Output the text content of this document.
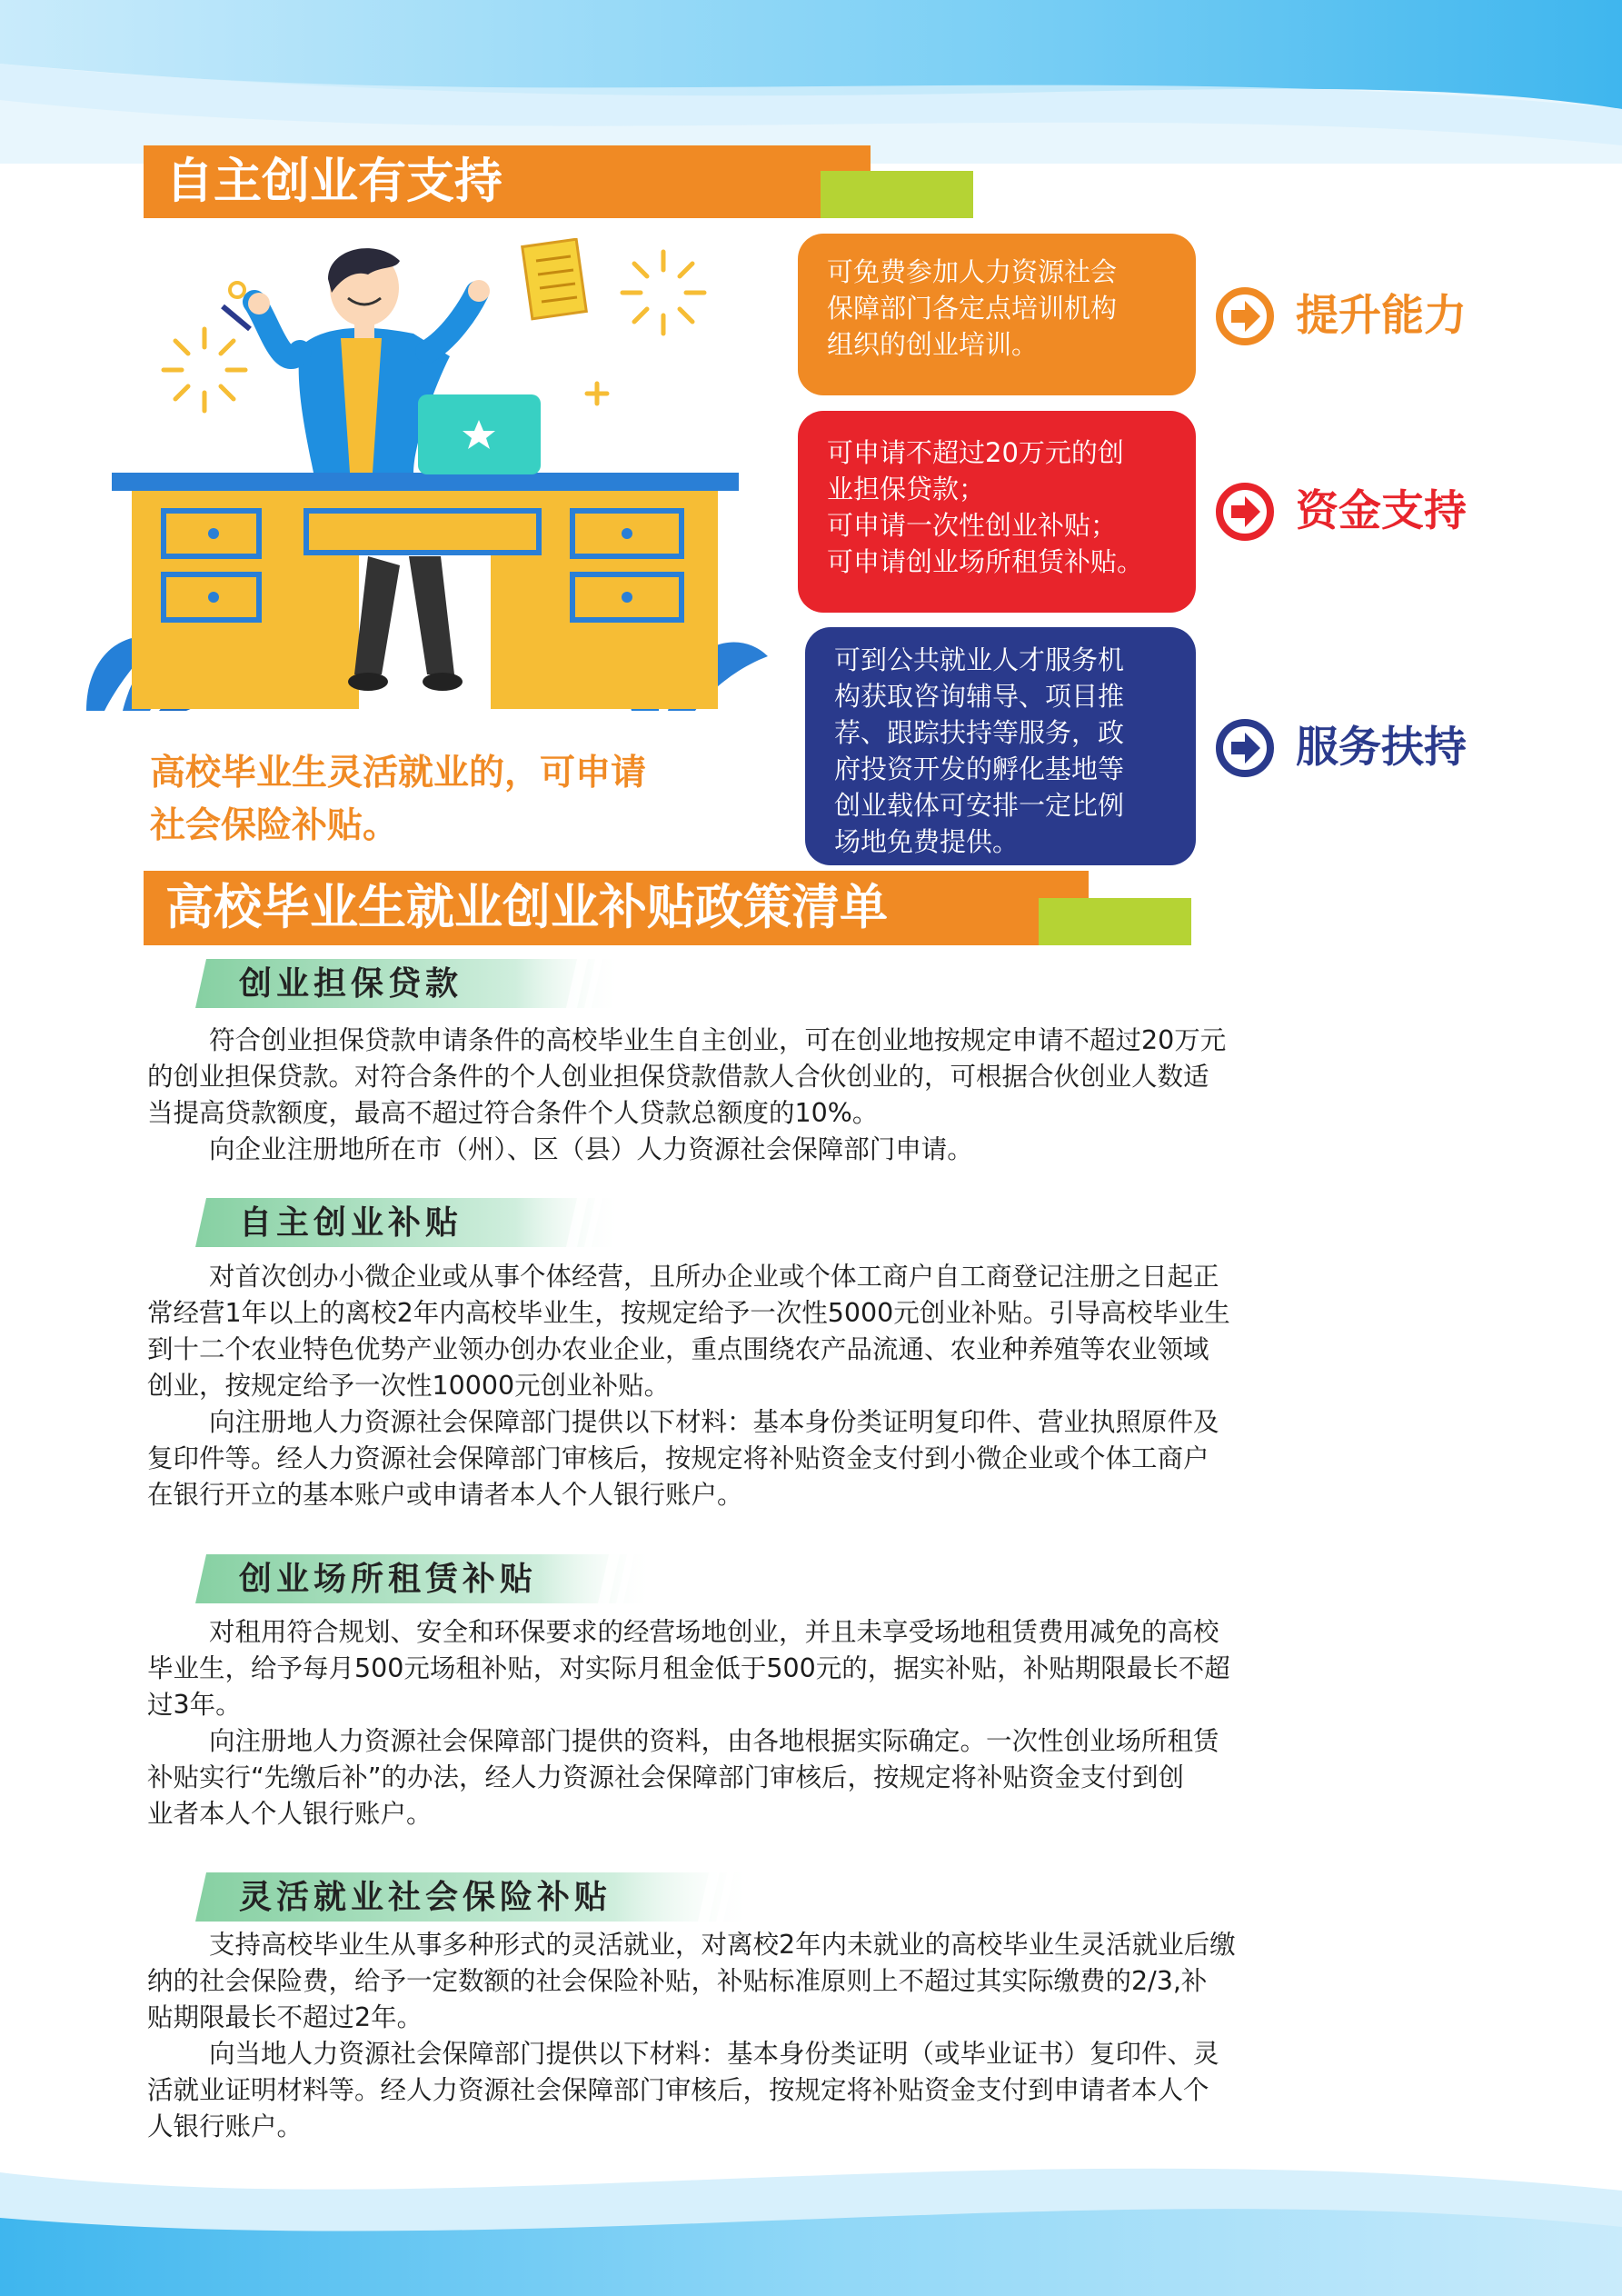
自主创业有支持
可免费参加人力资源社会
保障部门各定点培训机构
组织的创业培训。
提升能力
可申请不超过20万元的创
业担保贷款；
可申请一次性创业补贴；
可申请创业场所租赁补贴。
资金支持
可到公共就业人才服务机
构获取咨询辅导、项目推
荐、跟踪扶持等服务，政
府投资开发的孵化基地等
创业载体可安排一定比例
场地免费提供。
服务扶持
高校毕业生灵活就业的，可申请
社会保险补贴。
高校毕业生就业创业补贴政策清单
创业担保贷款
符合创业担保贷款申请条件的高校毕业生自主创业，可在创业地按规定申请不超过20万元
的创业担保贷款。对符合条件的个人创业担保贷款借款人合伙创业的，可根据合伙创业人数适
当提高贷款额度，最高不超过符合条件个人贷款总额度的10%。
向企业注册地所在市（州）、区（县）人力资源社会保障部门申请。
自主创业补贴
对首次创办小微企业或从事个体经营，且所办企业或个体工商户自工商登记注册之日起正
常经营1年以上的离校2年内高校毕业生，按规定给予一次性5000元创业补贴。引导高校毕业生
到十二个农业特色优势产业领办创办农业企业，重点围绕农产品流通、农业种养殖等农业领域
创业，按规定给予一次性10000元创业补贴。
向注册地人力资源社会保障部门提供以下材料：基本身份类证明复印件、营业执照原件及
复印件等。经人力资源社会保障部门审核后，按规定将补贴资金支付到小微企业或个体工商户
在银行开立的基本账户或申请者本人个人银行账户。
创业场所租赁补贴
对租用符合规划、安全和环保要求的经营场地创业，并且未享受场地租赁费用减免的高校
毕业生，给予每月500元场租补贴，对实际月租金低于500元的，据实补贴，补贴期限最长不超
过3年。
向注册地人力资源社会保障部门提供的资料，由各地根据实际确定。一次性创业场所租赁
补贴实行“先缴后补”的办法，经人力资源社会保障部门审核后，按规定将补贴资金支付到创
业者本人个人银行账户。
灵活就业社会保险补贴
支持高校毕业生从事多种形式的灵活就业，对离校2年内未就业的高校毕业生灵活就业后缴
纳的社会保险费，给予一定数额的社会保险补贴，补贴标准原则上不超过其实际缴费的2/3,补
贴期限最长不超过2年。
向当地人力资源社会保障部门提供以下材料：基本身份类证明（或毕业证书）复印件、灵
活就业证明材料等。经人力资源社会保障部门审核后，按规定将补贴资金支付到申请者本人个
人银行账户。
